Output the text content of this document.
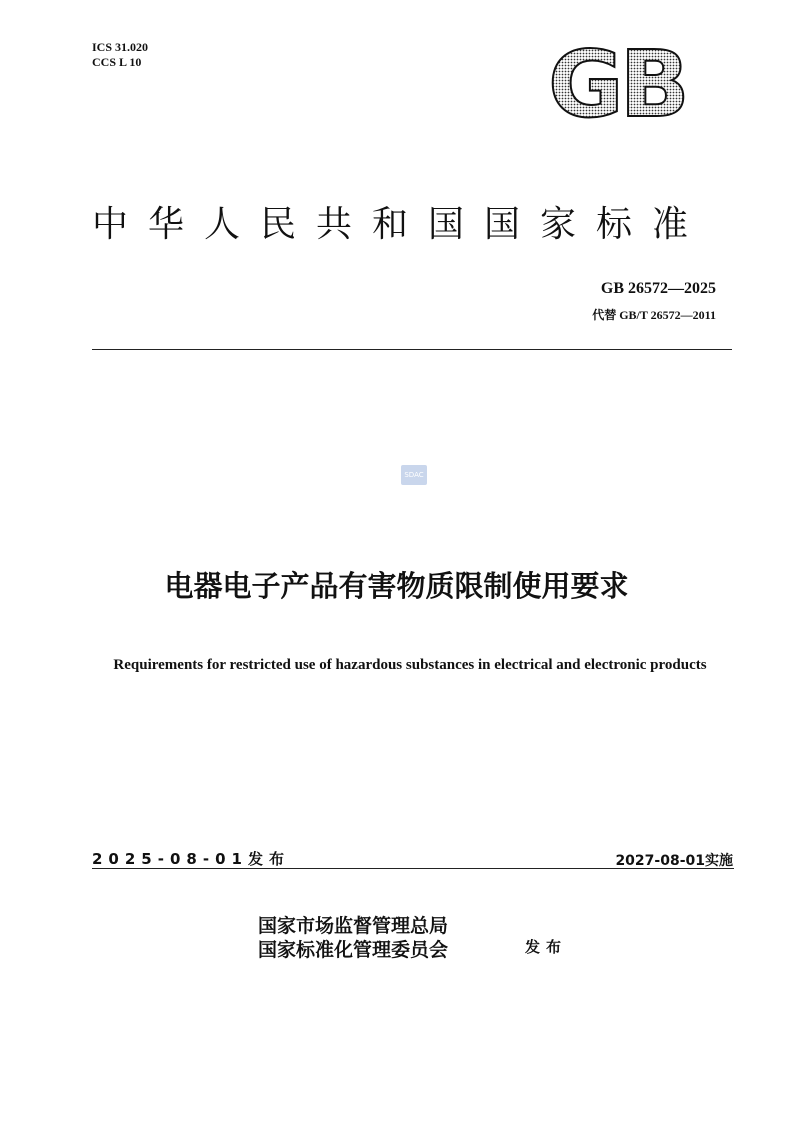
ICS 31.020
CCS L 10	GB
中华人民共和国国家标准
GB 26572—2025
代替 GB/T 26572—2011
SDAC
电器电子产品有害物质限制使用要求
Requirements for restricted use of hazardous substances in electrical and electronic products
2025-08-01发布	2027-08-01实施
国家市场监督管理总局
国家标准化管理委员会	发布
